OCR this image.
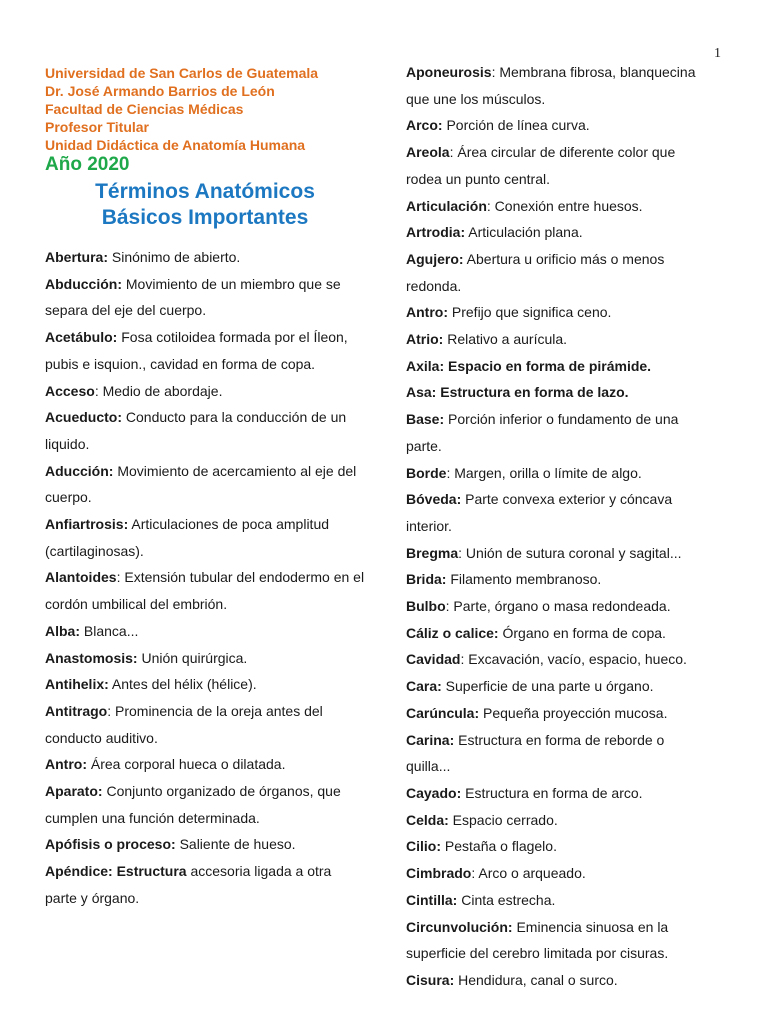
1
Universidad de San Carlos de Guatemala
Dr. José Armando Barrios de León
Facultad de Ciencias Médicas
Profesor Titular
Unidad Didáctica de Anatomía Humana
Año 2020
Términos Anatómicos
Básicos Importantes

Abertura: Sinónimo de abierto.

Abducción: Movimiento de un miembro que se separa del eje del cuerpo.

Acetábulo: Fosa cotiloidea formada por el Íleon, pubis e isquion., cavidad en forma de copa.

Acceso: Medio de abordaje.

Acueducto: Conducto para la conducción de un liquido.

Aducción: Movimiento de acercamiento al eje del cuerpo.

Anfiartrosis: Articulaciones de poca amplitud (cartilaginosas).

Alantoides: Extensión tubular del endodermo en el cordón umbilical del embrión.

Alba: Blanca...

Anastomosis: Unión quirúrgica.

Antihelix: Antes del hélix (hélice).

Antitrago: Prominencia de la oreja antes del conducto auditivo.

Antro: Área corporal hueca o dilatada.

Aparato: Conjunto organizado de órganos, que cumplen una función determinada.

Apófisis o proceso: Saliente de hueso.

Apéndice: Estructura accesoria ligada a otra parte y órgano.

Aponeurosis: Membrana fibrosa, blanquecina que une los músculos.

Arco: Porción de línea curva.

Areola: Área circular de diferente color que rodea un punto central.

Articulación: Conexión entre huesos.

Artrodia: Articulación plana.

Agujero: Abertura u orificio más o menos redonda.

Antro: Prefijo que significa ceno.

Atrio: Relativo a aurícula.

Axila: Espacio en forma de pirámide.

Asa: Estructura en forma de lazo.

Base: Porción inferior o fundamento de una parte.

Borde: Margen, orilla o límite de algo.

Bóveda: Parte convexa exterior y cóncava interior.

Bregma: Unión de sutura coronal y sagital...

Brida: Filamento membranoso.

Bulbo: Parte, órgano o masa redondeada.

Cáliz o calice: Órgano en forma de copa.

Cavidad: Excavación, vacío, espacio, hueco.

Cara: Superficie de una parte u órgano.

Carúncula: Pequeña proyección mucosa.

Carina: Estructura en forma de reborde o quilla...

Cayado: Estructura en forma de arco.

Celda: Espacio cerrado.

Cilio: Pestaña o flagelo.

Cimbrado: Arco o arqueado.

Cintilla: Cinta estrecha.

Circunvolución: Eminencia sinuosa en la superficie del cerebro limitada por cisuras.

Cisura: Hendidura, canal o surco.
